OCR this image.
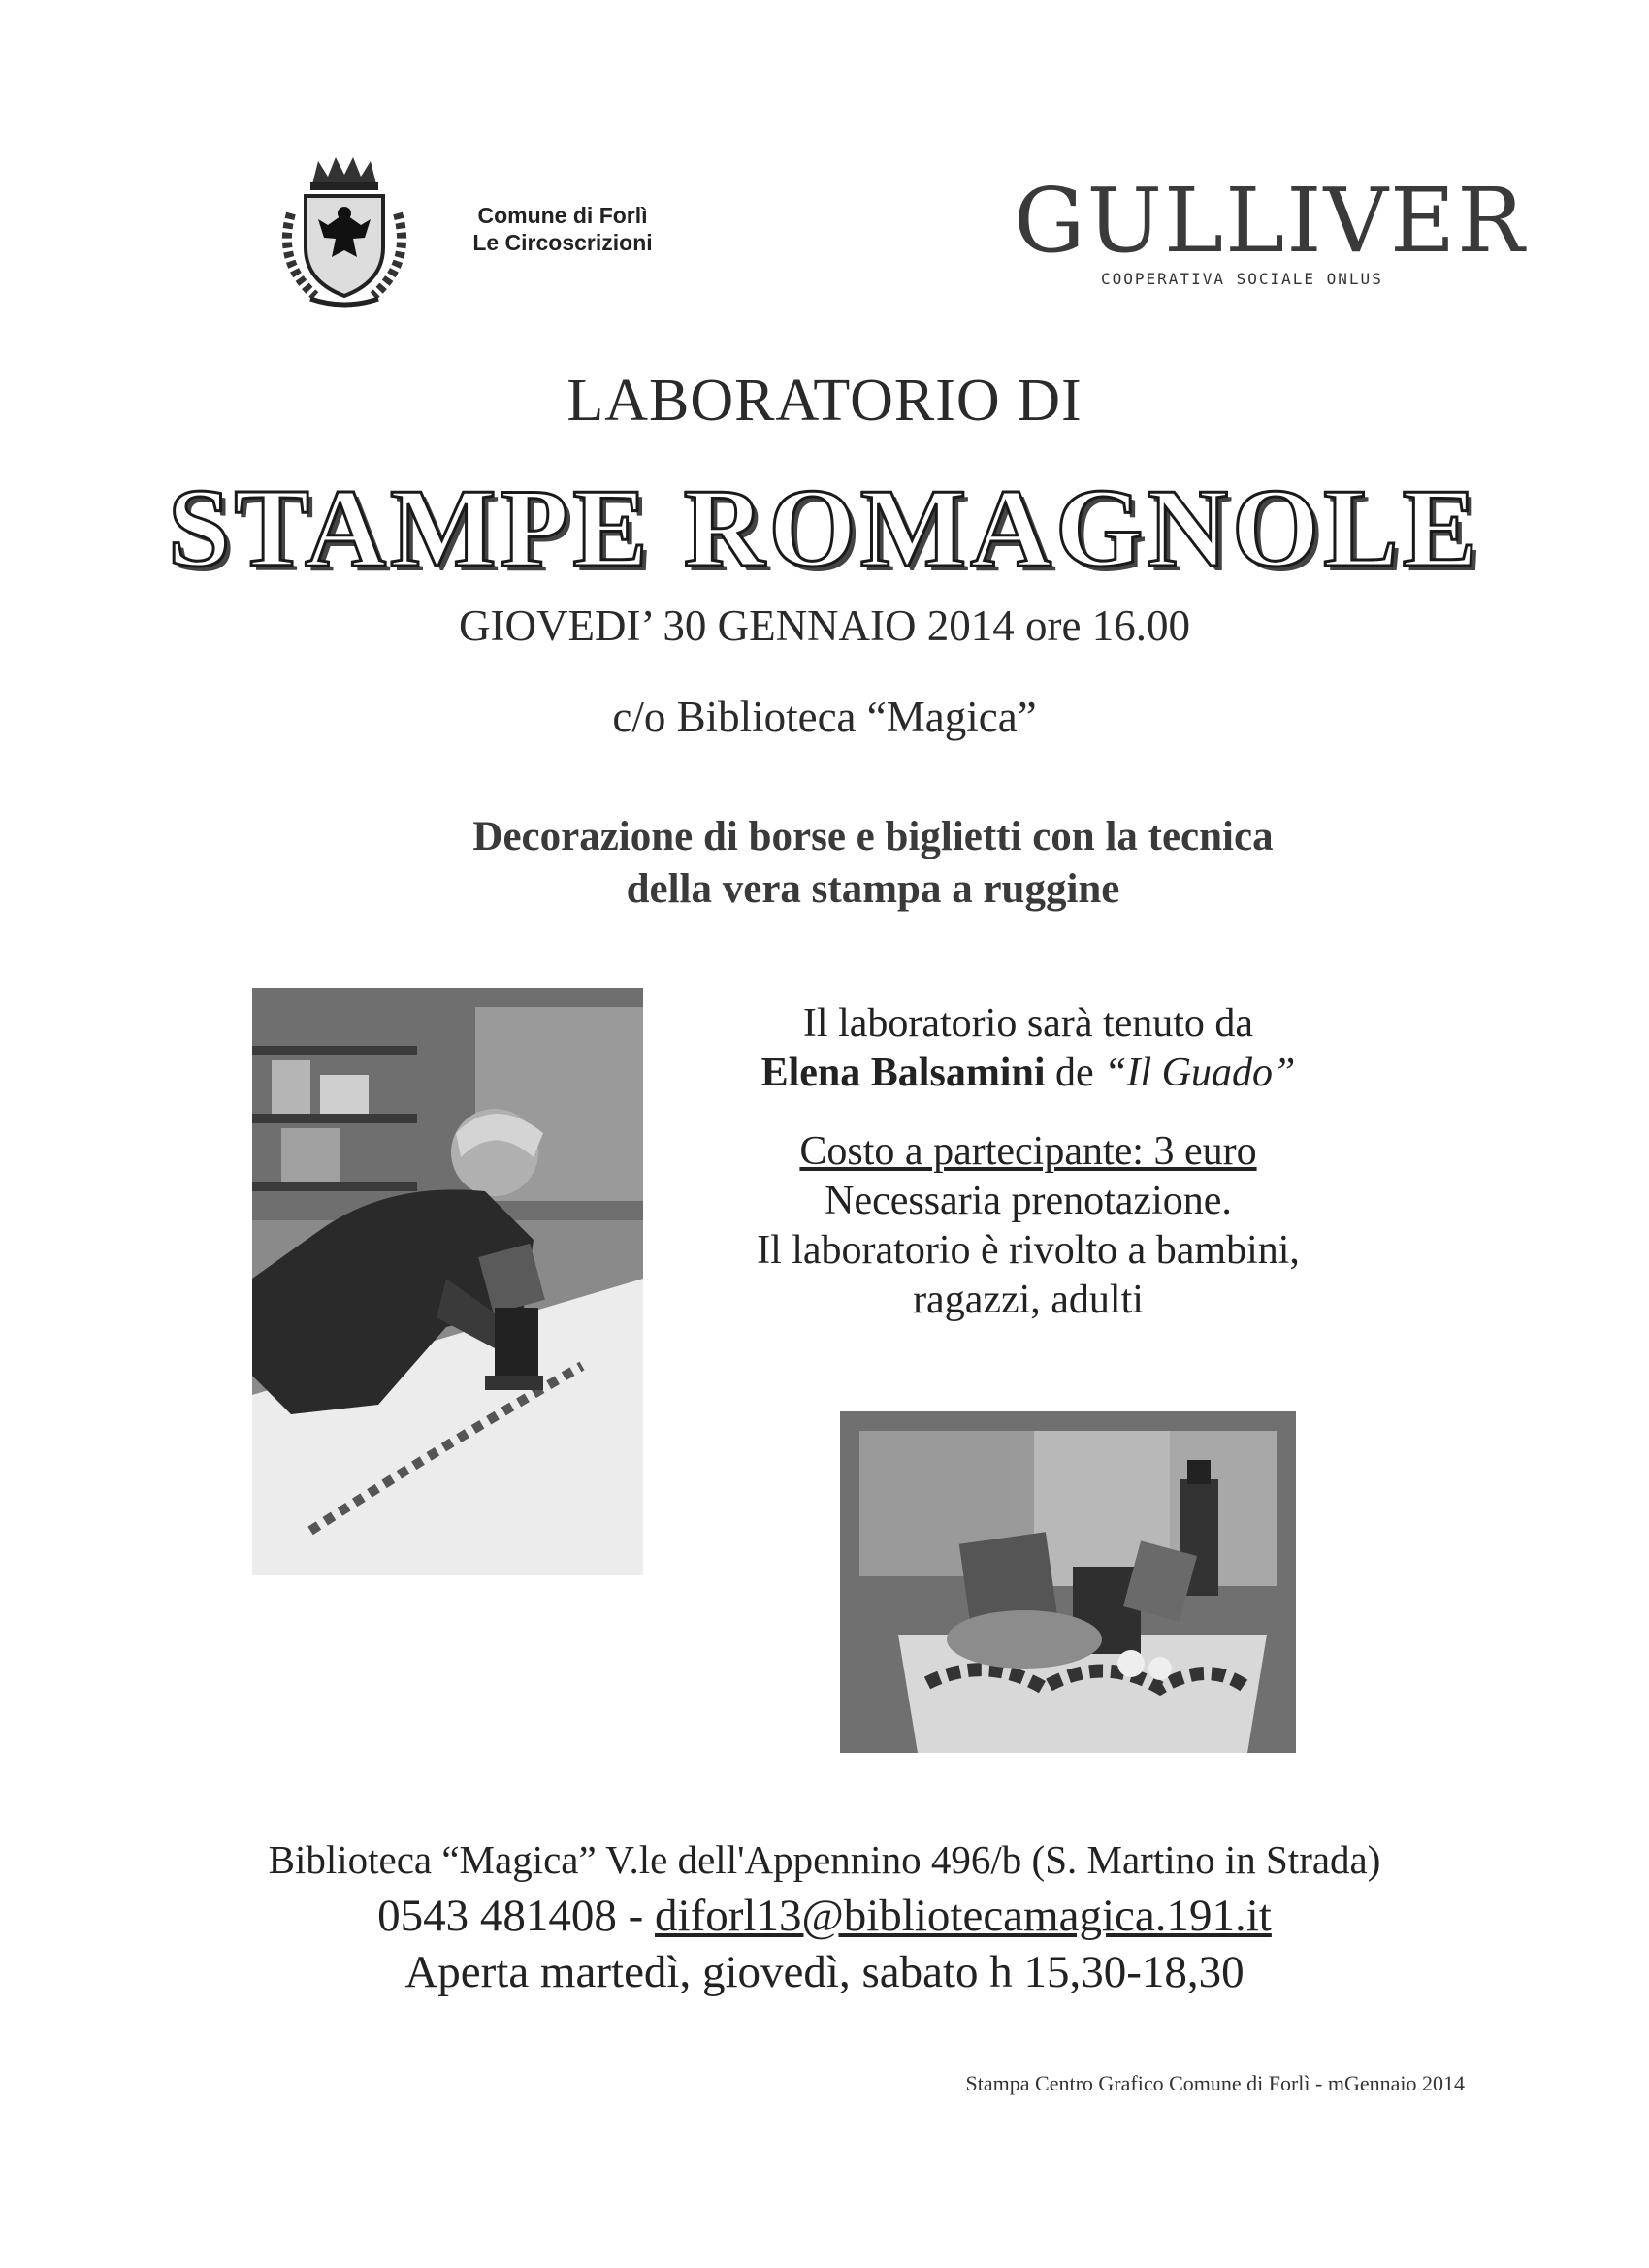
Comune di Forlì
Le Circoscrizioni	GULLIVER
COOPERATIVA SOCIALE ONLUS
LABORATORIO DI
STAMPE ROMAGNOLE
GIOVEDI’ 30 GENNAIO 2014 ore 16.00
c/o Biblioteca “Magica”
Decorazione di borse e biglietti con la tecnica
della vera stampa a ruggine

Il laboratorio sarà tenuto da

Elena Balsamini de “Il Guado”

Costo a partecipante: 3 euro

Necessaria prenotazione.

Il laboratorio è rivolto a bambini,

ragazzi, adulti

Biblioteca “Magica” V.le dell'Appennino 496/b (S. Martino in Strada)
0543 481408 - diforl13@bibliotecamagica.191.it
Aperta martedì, giovedì, sabato h 15,30-18,30
Stampa Centro Grafico Comune di Forlì - mGennaio 2014
